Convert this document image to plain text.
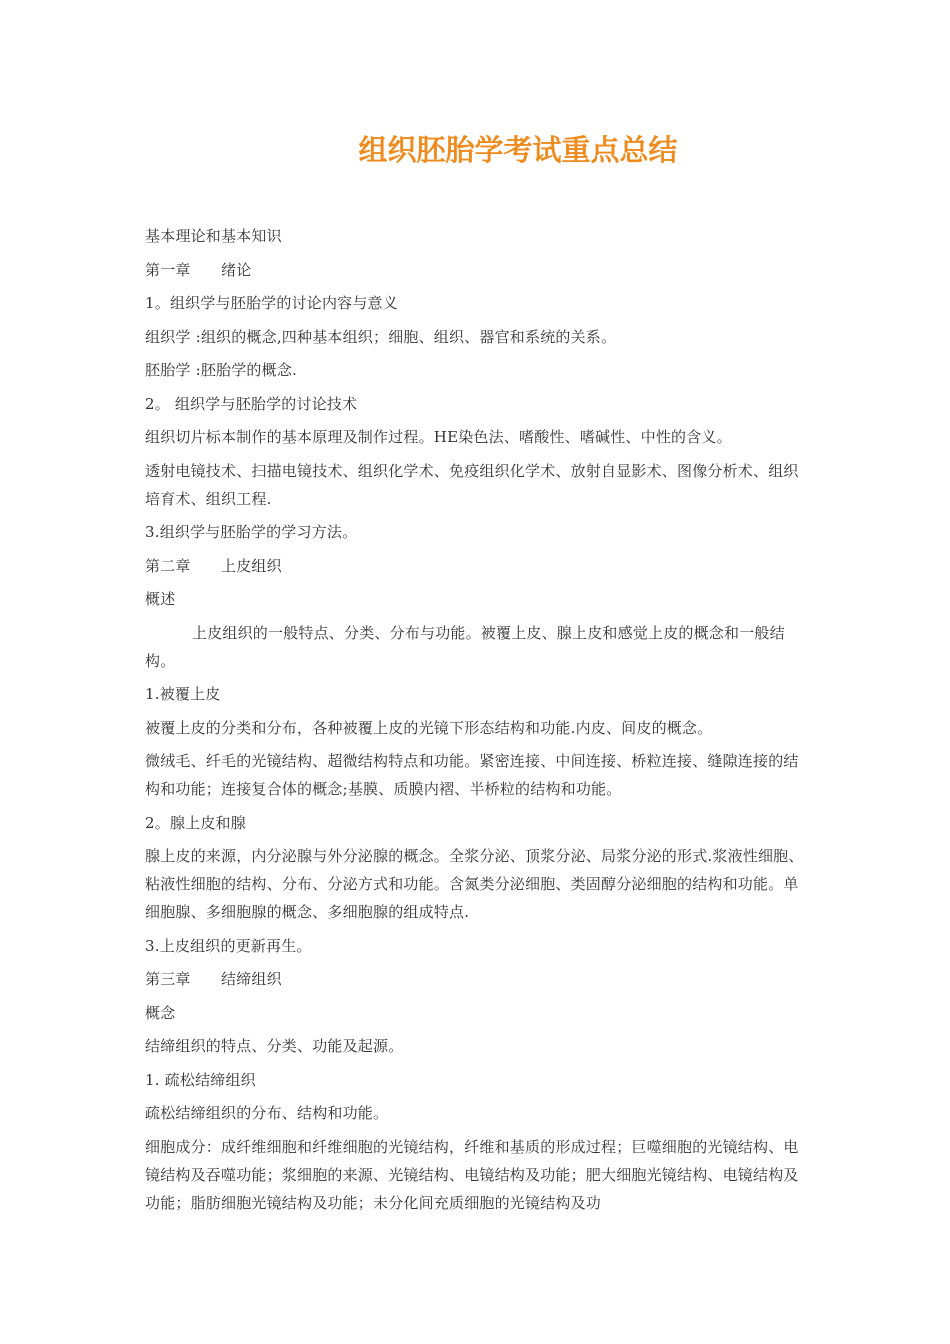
组织胚胎学考试重点总结

基本理论和基本知识

第一章　　绪论

1。组织学与胚胎学的讨论内容与意义

组织学 :组织的概念,四种基本组织；细胞、组织、器官和系统的关系。

胚胎学 :胚胎学的概念.

2。 组织学与胚胎学的讨论技术

组织切片标本制作的基本原理及制作过程。HE染色法、嗜酸性、嗜碱性、中性的含义。

透射电镜技术、扫描电镜技术、组织化学术、免疫组织化学术、放射自显影术、图像分析术、组织培育术、组织工程.

3.组织学与胚胎学的学习方法。

第二章　　上皮组织

概述

上皮组织的一般特点、分类、分布与功能。被覆上皮、腺上皮和感觉上皮的概念和一般结构。

1.被覆上皮

被覆上皮的分类和分布，各种被覆上皮的光镜下形态结构和功能.内皮、间皮的概念。

微绒毛、纤毛的光镜结构、超微结构特点和功能。紧密连接、中间连接、桥粒连接、缝隙连接的结构和功能；连接复合体的概念;基膜、质膜内褶、半桥粒的结构和功能。

2。腺上皮和腺

腺上皮的来源，内分泌腺与外分泌腺的概念。全浆分泌、顶浆分泌、局浆分泌的形式.浆液性细胞、粘液性细胞的结构、分布、分泌方式和功能。含氮类分泌细胞、类固醇分泌细胞的结构和功能。单细胞腺、多细胞腺的概念、多细胞腺的组成特点.

3.上皮组织的更新再生。

第三章　　结缔组织

概念

结缔组织的特点、分类、功能及起源。

1. 疏松结缔组织

疏松结缔组织的分布、结构和功能。

细胞成分：成纤维细胞和纤维细胞的光镜结构，纤维和基质的形成过程；巨噬细胞的光镜结构、电镜结构及吞噬功能；浆细胞的来源、光镜结构、电镜结构及功能；肥大细胞光镜结构、电镜结构及功能；脂肪细胞光镜结构及功能；未分化间充质细胞的光镜结构及功
